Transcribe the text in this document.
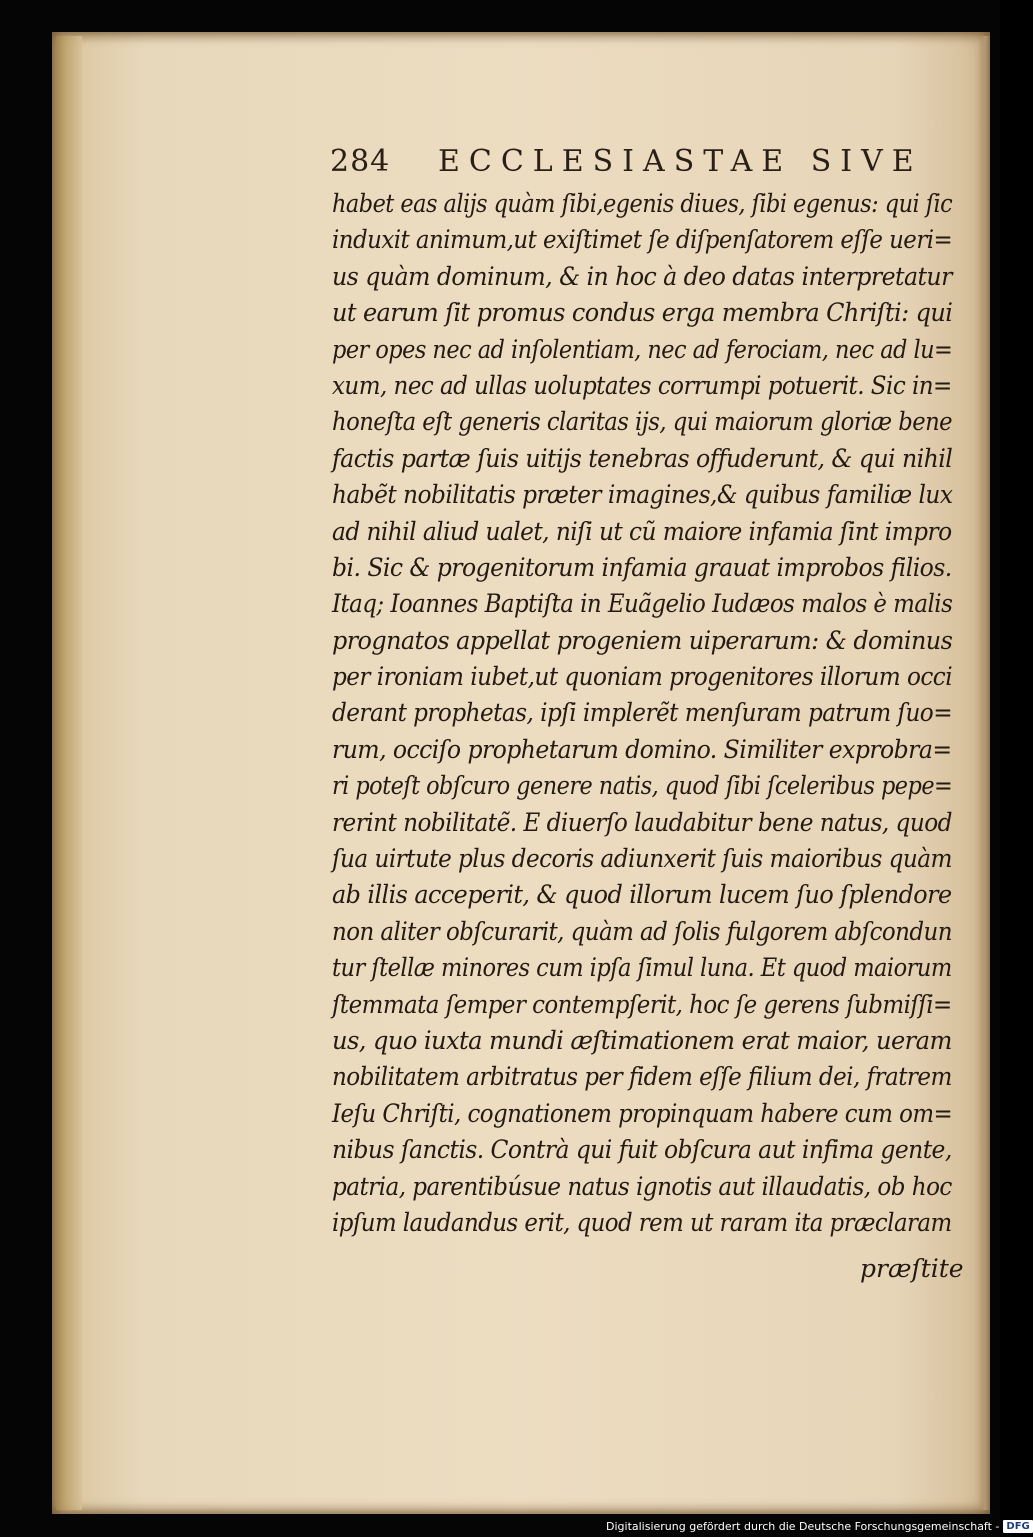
284 ECCLESIASTAE SIVE
habet eas aliјs quàm ſibi,egenis diues, ſibi egenus: qui ſic
induxit animum,ut exiſtimet ſe diſpenſatorem eſſe ueri=
us quàm dominum, & in hoc à deo datas interpretatur
ut earum ſit promus condus erga membra Chriſti: qui
per opes nec ad inſolentiam, nec ad ferociam, nec ad lu=
xum, nec ad ullas uoluptates corrumpi potuerit. Sic in=
honeſta eſt generis claritas iјs, qui maiorum gloriæ bene
factis partæ ſuis uitiјs tenebras offuderunt, & qui nihil
habẽt nobilitatis præter imagines,& quibus familiæ lux
ad nihil aliud ualet, niſi ut cũ maiore infamia ſint impro
bi. Sic & progenitorum infamia grauat improbos filios.
Itaq; Ioannes Baptiſta in Euãgelio Iudæos malos è malis
prognatos appellat progeniem uiperarum: & dominus
per ironiam iubet,ut quoniam progenitores illorum occi
derant prophetas, ipſi implerẽt menſuram patrum ſuo=
rum, occiſo prophetarum domino. Similiter exprobra=
ri poteſt obſcuro genere natis, quod ſibi ſceleribus pepe=
rerint nobilitatẽ. E diuerſo laudabitur bene natus, quod
ſua uirtute plus decoris adiunxerit ſuis maioribus quàm
ab illis acceperit, & quod illorum lucem ſuo ſplendore
non aliter obſcurarit, quàm ad ſolis fulgorem abſcondun
tur ſtellæ minores cum ipſa ſimul luna. Et quod maiorum
ſtemmata ſemper contempſerit, hoc ſe gerens ſubmiſſi=
us, quo iuxta mundi æſtimationem erat maior, ueram
nobilitatem arbitratus per fidem eſſe filium dei, fratrem
Ieſu Chriſti, cognationem propinquam habere cum om=
nibus ſanctis. Contrà qui fuit obſcura aut infima gente,
patria, parentibúsue natus ignotis aut illaudatis, ob hoc
ipſum laudandus erit, quod rem ut raram ita præclaram
præſtite
Digitalisierung gefördert durch die Deutsche Forschungsgemeinschaft - DFG
